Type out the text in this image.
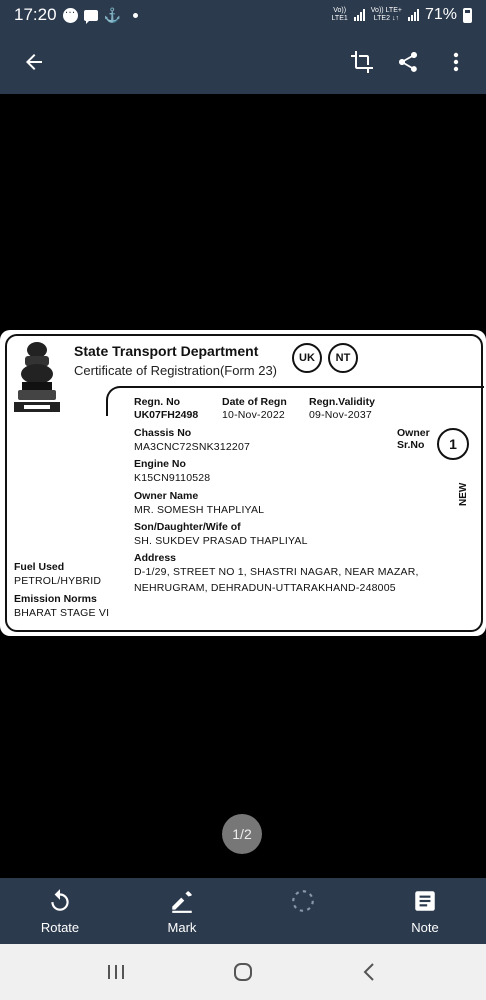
17:20
…	⚓	Vo))
LTE1
Vo)) LTE+
LTE2 ↓↑ 71%
State Transport Department
Certificate of Registration(Form 23)
UK	NT
Regn. No
UK07FH2498
Date of Regn
10-Nov-2022
Regn.Validity
09-Nov-2037
Chassis No
MA3CNC72SNK312207
Owner
Sr.No	1
Engine No
K15CN9110528
Owner Name
MR. SOMESH THAPLIYAL
Son/Daughter/Wife of
SH. SUKDEV PRASAD THAPLIYAL
Address
D-1/29, STREET NO 1, SHASTRI NAGAR, NEAR MAZAR,
NEHRUGRAM, DEHRADUN-UTTARAKHAND-248005
Fuel Used
PETROL/HYBRID
Emission Norms
BHARAT STAGE VI
NEW
1/2
Rotate	Mark	Note
